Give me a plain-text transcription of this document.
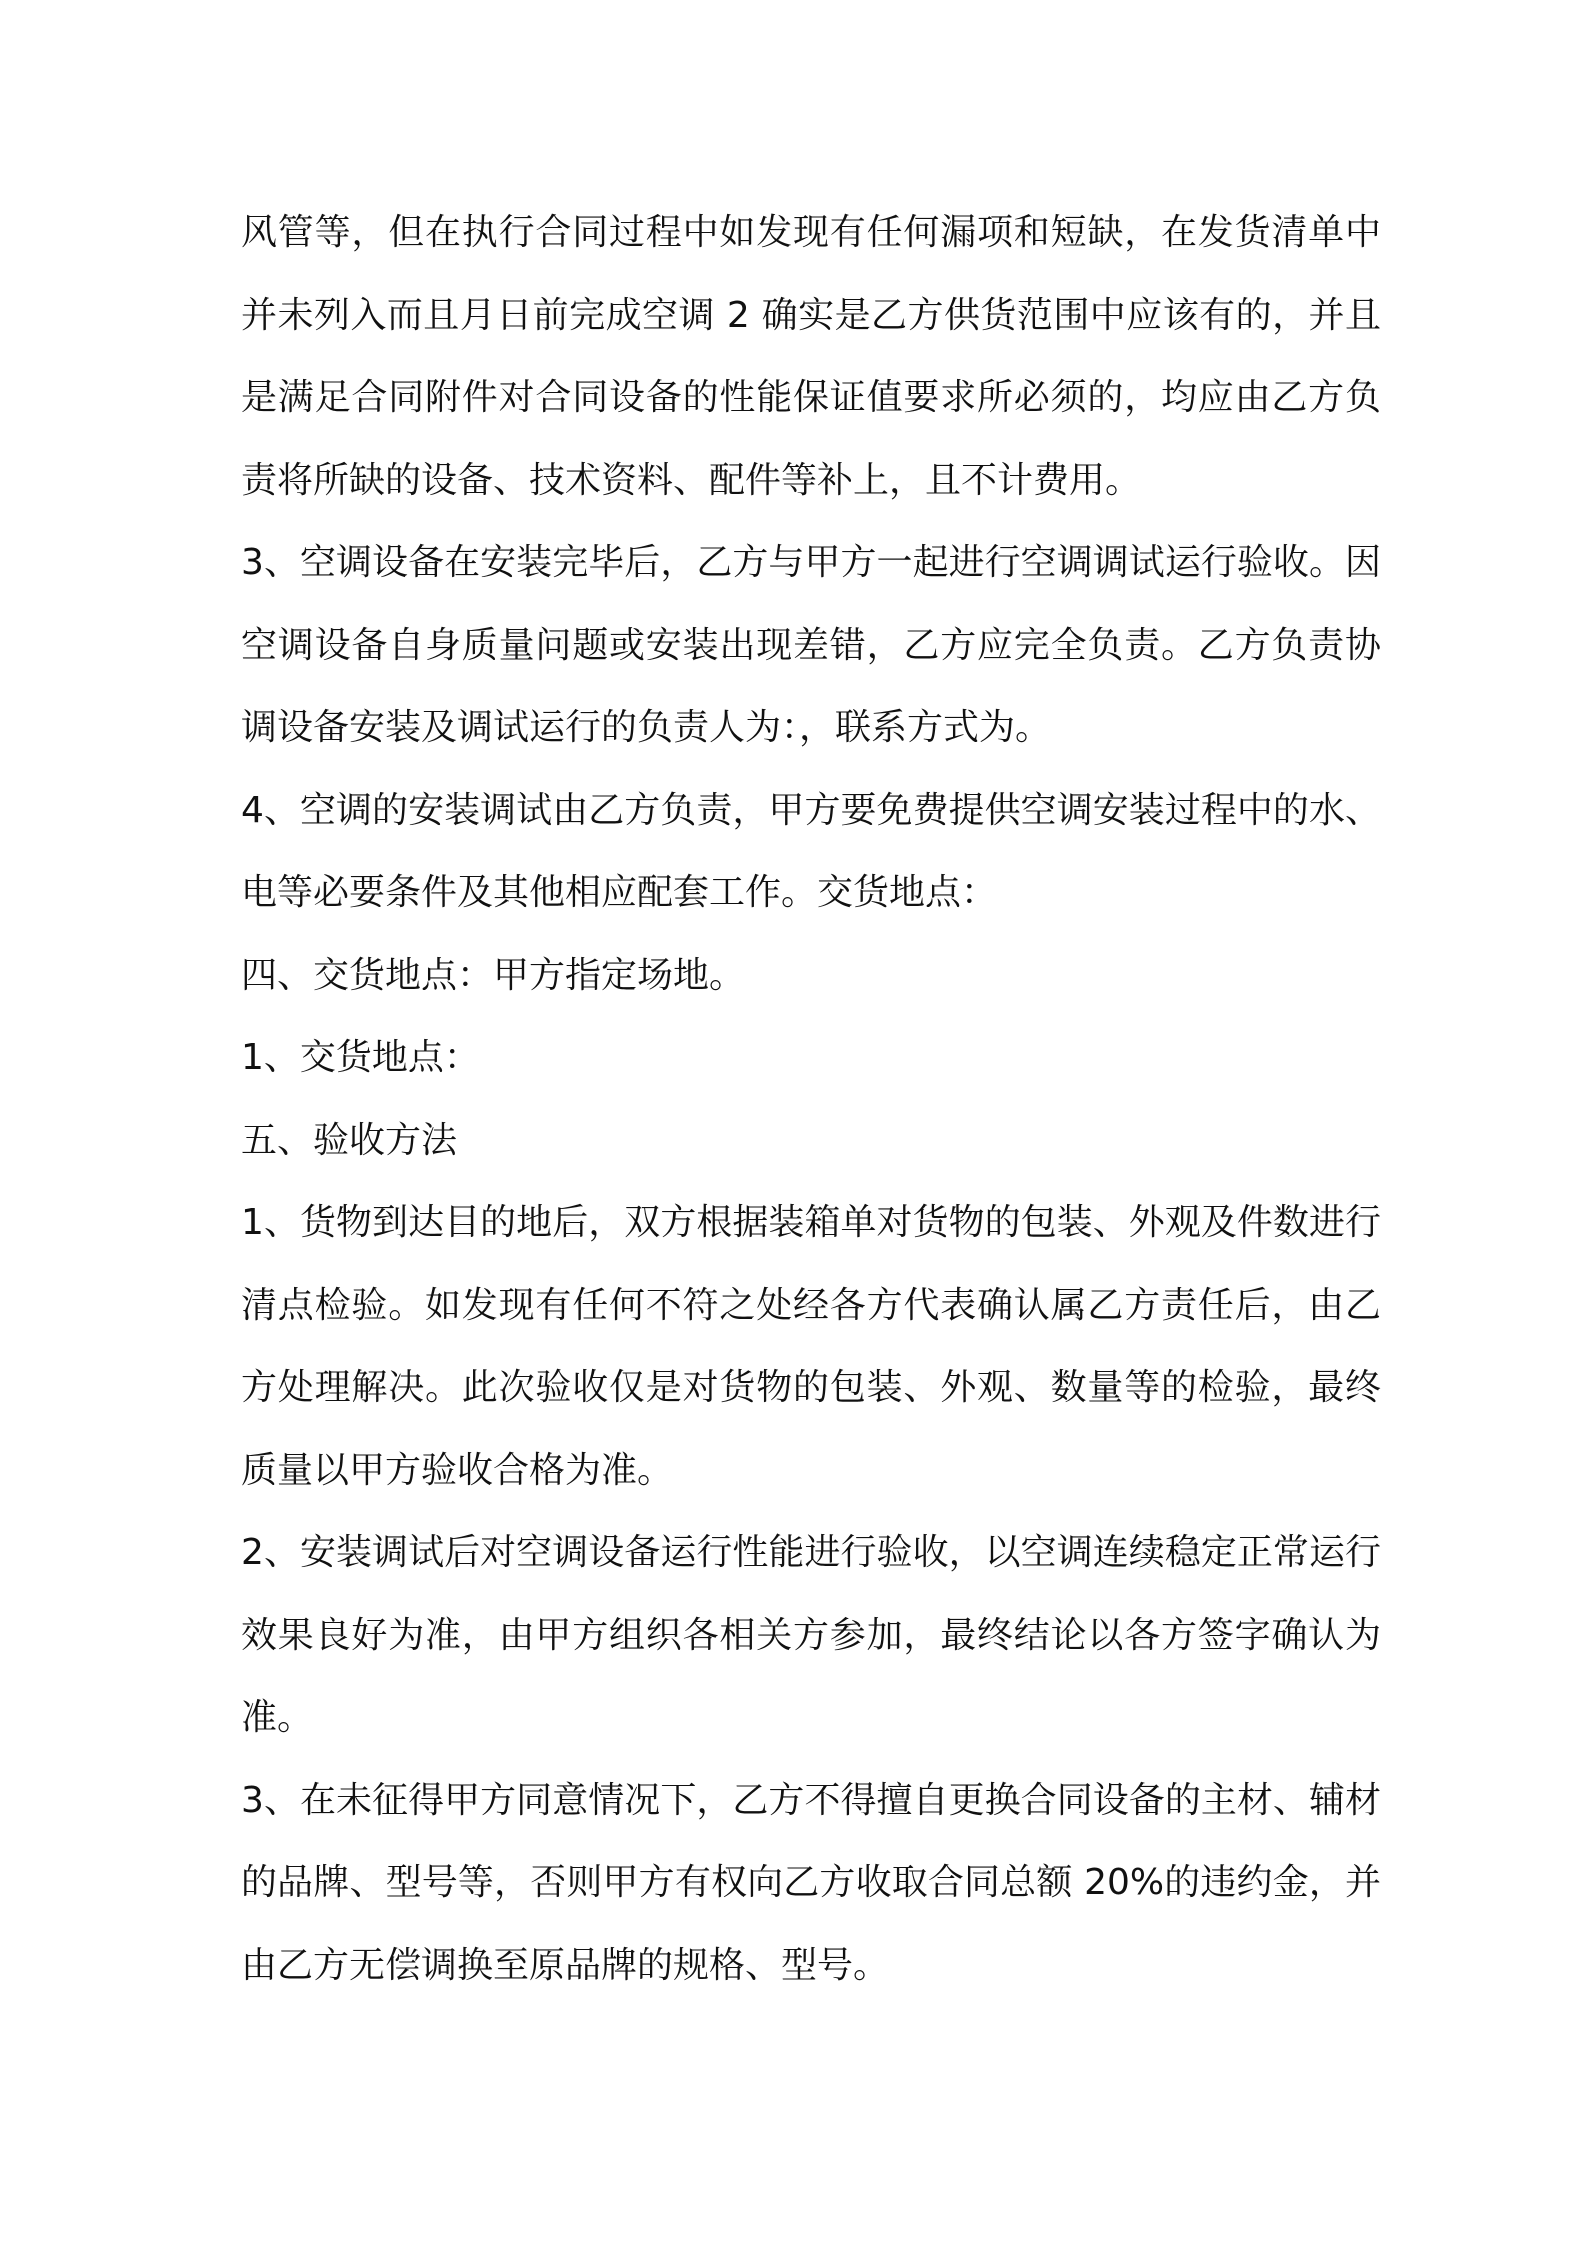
风管等，但在执行合同过程中如发现有任何漏项和短缺，在发货清单中并未列入而且月日前完成空调 2 确实是乙方供货范围中应该有的，并且是满足合同附件对合同设备的性能保证值要求所必须的，均应由乙方负责将所缺的设备、技术资料、配件等补上，且不计费用。

3、空调设备在安装完毕后，乙方与甲方一起进行空调调试运行验收。因空调设备自身质量问题或安装出现差错，乙方应完全负责。乙方负责协调设备安装及调试运行的负责人为：，联系方式为。

4、空调的安装调试由乙方负责，甲方要免费提供空调安装过程中的水、电等必要条件及其他相应配套工作。交货地点：

四、交货地点：甲方指定场地。

1、交货地点：

五、验收方法

1、货物到达目的地后，双方根据装箱单对货物的包装、外观及件数进行清点检验。如发现有任何不符之处经各方代表确认属乙方责任后，由乙方处理解决。此次验收仅是对货物的包装、外观、数量等的检验，最终质量以甲方验收合格为准。

2、安装调试后对空调设备运行性能进行验收，以空调连续稳定正常运行效果良好为准，由甲方组织各相关方参加，最终结论以各方签字确认为准。

3、在未征得甲方同意情况下，乙方不得擅自更换合同设备的主材、辅材的品牌、型号等，否则甲方有权向乙方收取合同总额 20%的违约金，并由乙方无偿调换至原品牌的规格、型号。
